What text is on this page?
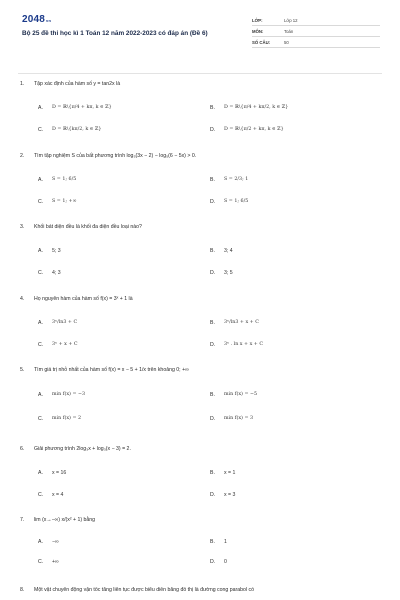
2048vn
Bộ 25 đề thi học kì 1 Toán 12 năm 2022-2023 có đáp án (Đề 6)
LỚP:	Lớp 12
MÔN:	Toán
SỐ CÂU:	50
1.	Tập xác định của hàm số y = tan2x là
A.	D = ℝ\{π/4 + kπ, k ∈ ℤ}	B.	D = ℝ\{π/4 + kπ/2, k ∈ ℤ}
C.	D = ℝ\{kπ/2, k ∈ ℤ}	D.	D = ℝ\{π/2 + kπ, k ∈ ℤ}
2.	Tìm tập nghiệm S của bất phương trình log₅(3x − 2) − log₅(6 − 5x) > 0.
A.	S = 1; 6/5	B.	S = 2/3; 1
C.	S = 1; +∞	D.	S = 1; 6/5
3.	Khối bát diện đều là khối đa diện đều loại nào?
A.	5; 3	B.	3; 4
C.	4; 3	D.	3; 5
4.	Họ nguyên hàm của hàm số f(x) = 3ˣ + 1 là
A.	3ˣ/ln3 + C	B.	3ˣ/ln3 + x + C
C.	3ˣ + x + C	D.	3ˣ . ln x + x + C
5.	Tìm giá trị nhỏ nhất của hàm số f(x) = x − 5 + 1/x trên khoảng 0; +∞
A.	min f(x) = −3	B.	min f(x) = −5
C.	min f(x) = 2	D.	min f(x) = 3
6.	Giải phương trình 2log₃x + log₃(x − 3) = 2.
A.	x = 16	B.	x = 1
C.	x = 4	D.	x = 3
7.	lim (x→−∞) x/(x² + 1) bằng
A.	−∞	B.	1
C.	+∞	D.	0
8.	Một vật chuyển động vận tốc tăng liên tục được biểu diễn bằng đồ thị là đường cong parabol có
